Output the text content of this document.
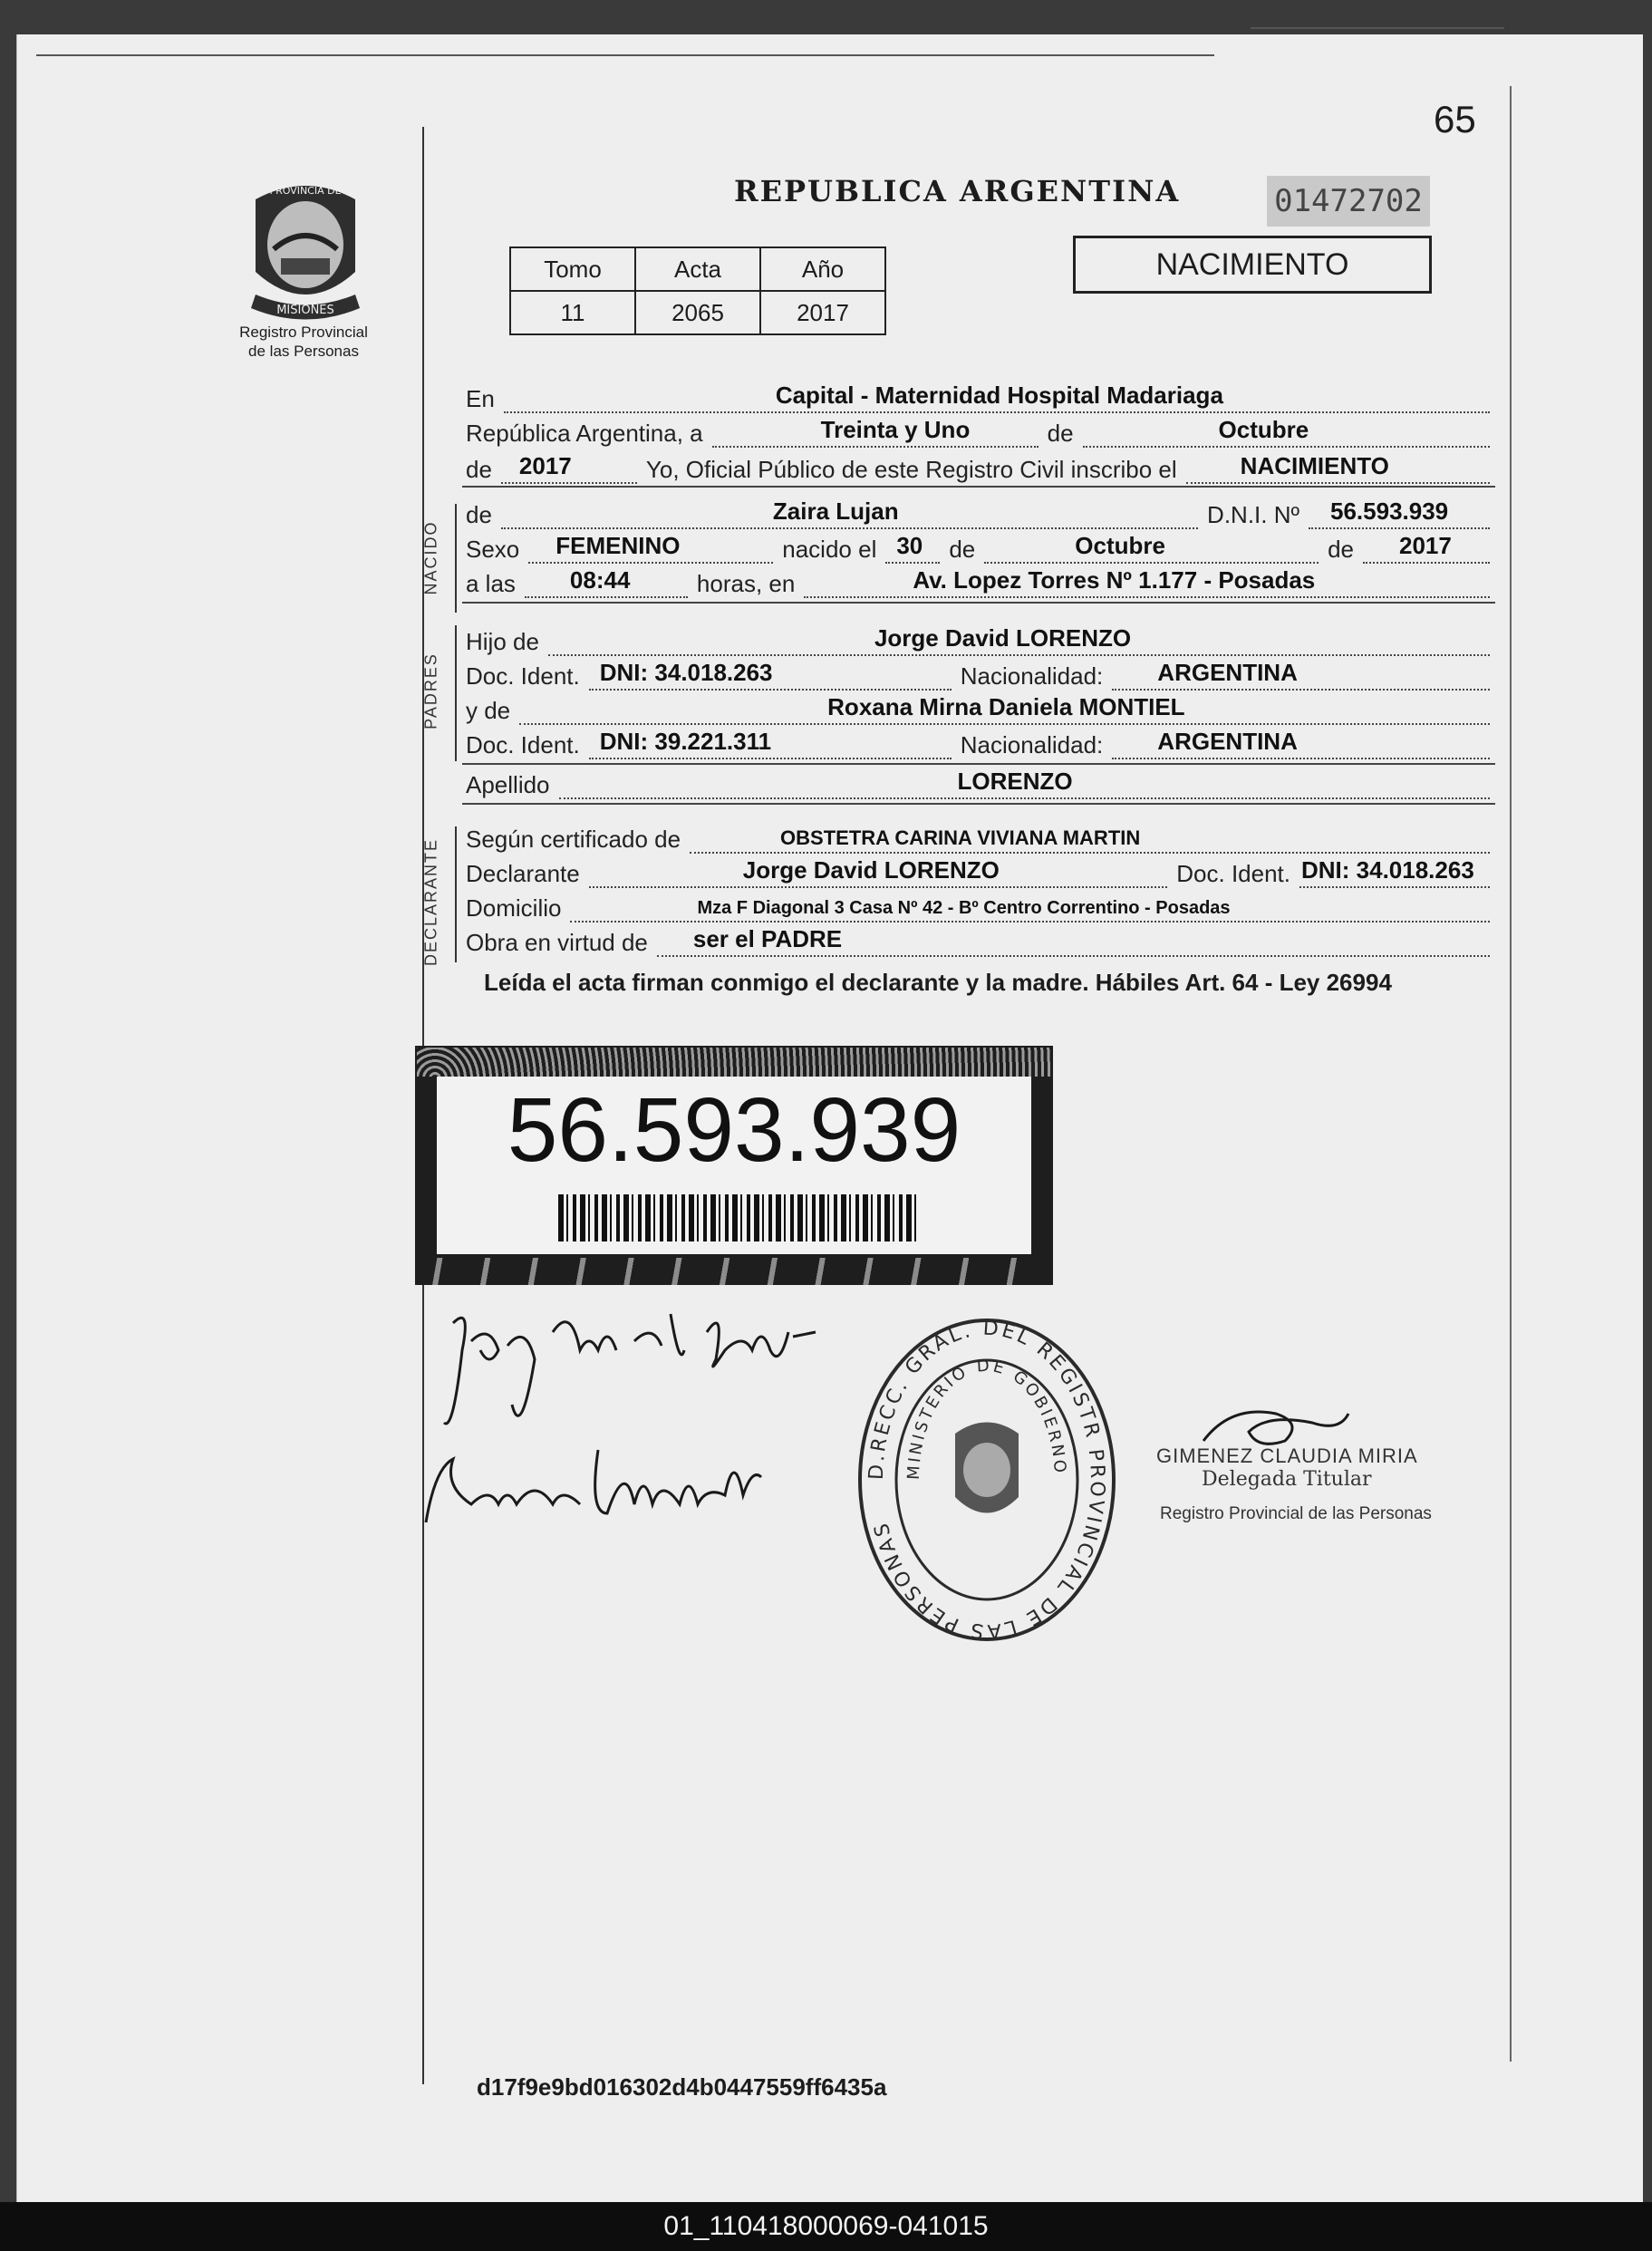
65
PROVINCIA DE
MISIONES
Registro Provincial
de las Personas
REPUBLICA ARGENTINA	01472702
Tomo	Acta	Año
11	2065	2017
NACIMIENTO
En	Capital - Maternidad Hospital Madariaga
República Argentina, a	Treinta y Uno	de	Octubre
de 2017	Yo, Oficial Público de este Registro Civil inscribo el	NACIMIENTO
NACIDO
de	Zaira Lujan	D.N.I. Nº 56.593.939
Sexo FEMENINO	nacido el 30 de	Octubre	de 2017
a las 08:44	horas, en	Av. Lopez Torres Nº 1.177 - Posadas
PADRES
Hijo de	Jorge David LORENZO
Doc. Ident. DNI: 34.018.263	Nacionalidad: ARGENTINA
y de	Roxana Mirna Daniela MONTIEL
Doc. Ident. DNI: 39.221.311	Nacionalidad: ARGENTINA
Apellido	LORENZO
DECLARANTE Según certificado de	OBSTETRA CARINA VIVIANA MARTIN
Declarante	Jorge David LORENZO	Doc. Ident. DNI: 34.018.263
Domicilio	Mza F Diagonal 3 Casa Nº 42 - Bº Centro Correntino - Posadas
Obra en virtud de ser el PADRE
Leída el acta firman conmigo el declarante y la madre. Hábiles Art. 64 - Ley 26994
56.593.939
D.RECC. GRAL. DEL REGISTR PROVINCIAL DE LAS PERSONAS
MINISTERIO DE GOBIERNO
GIMENEZ CLAUDIA MIRIA
Delegada Titular
Registro Provincial de las Personas
d17f9e9bd016302d4b0447559ff6435a
01_110418000069-041015
